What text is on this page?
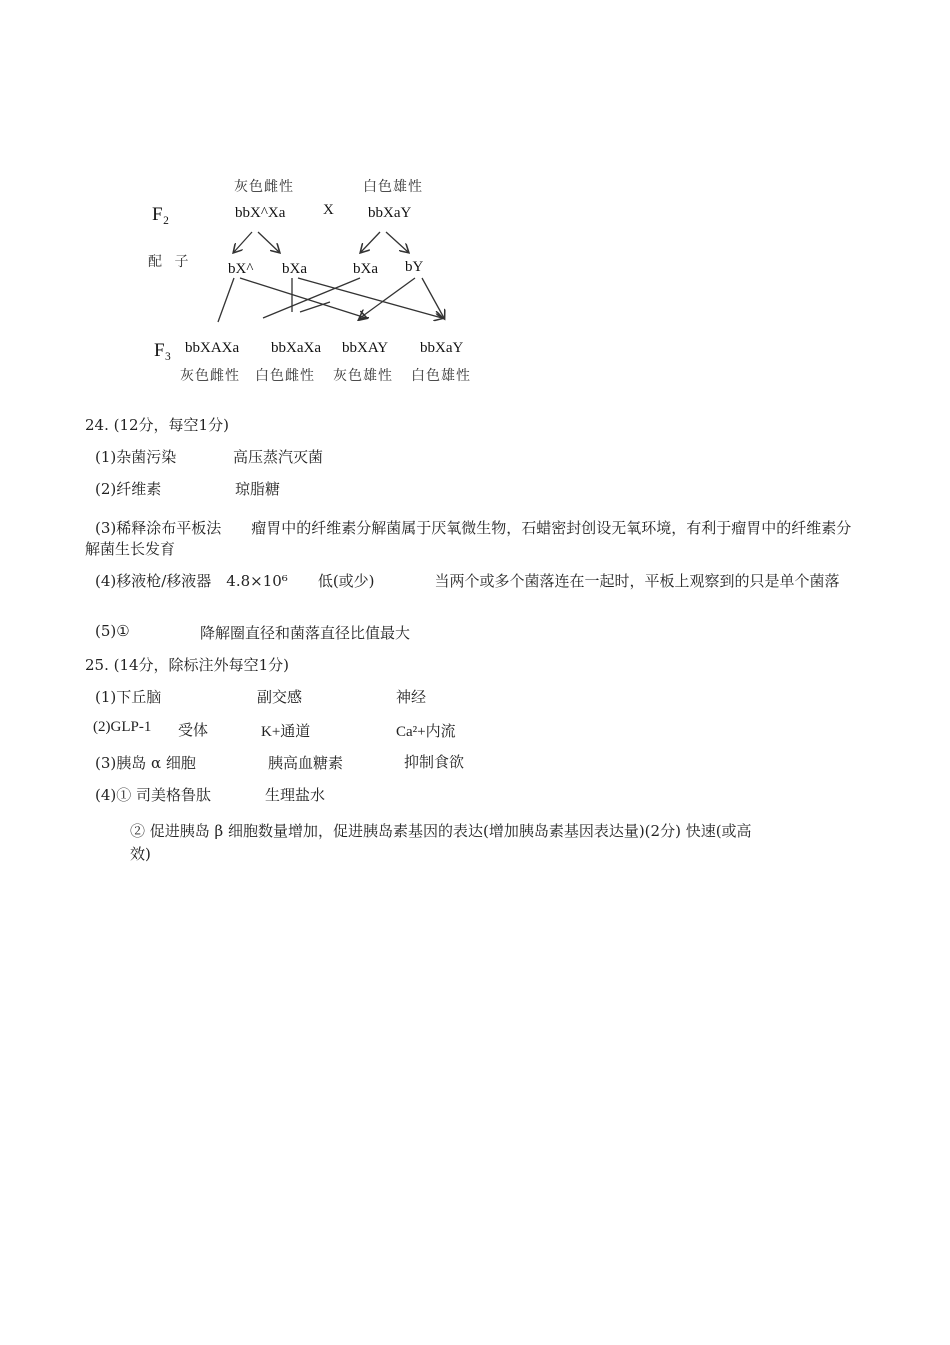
灰色雌性	白色雄性
F₂	bbX^Xa	X bbXaY
配 子 bX^ bXa	bXa bY
F₃ bbXAXa bbXaXa bbXAY bbXaY
灰色雌性 白色雌性 灰色雄性 白色雄性
24. (12分，每空1分)
(1)杂菌污染	高压蒸汽灭菌
(2)纤维素	琼脂糖
(3)稀释涂布平板法　　瘤胃中的纤维素分解菌属于厌氧微生物，石蜡密封创设无氧环境，有利于瘤胃中的纤维素分解菌生长发育
(4)移液枪/移液器　4.8×10⁶　　低(或少)　　　　当两个或多个菌落连在一起时，平板上观察到的只是单个菌落
(5)①	降解圈直径和菌落直径比值最大
25. (14分，除标注外每空1分)
(1)下丘脑	副交感	神经
(2)GLP-1 受体	K+通道	Ca²+内流
(3)胰岛 α 细胞	胰高血糖素	抑制食欲
(4)① 司美格鲁肽	生理盐水
② 促进胰岛 β 细胞数量增加，促进胰岛素基因的表达(增加胰岛素基因表达量)(2分) 快速(或高效)
